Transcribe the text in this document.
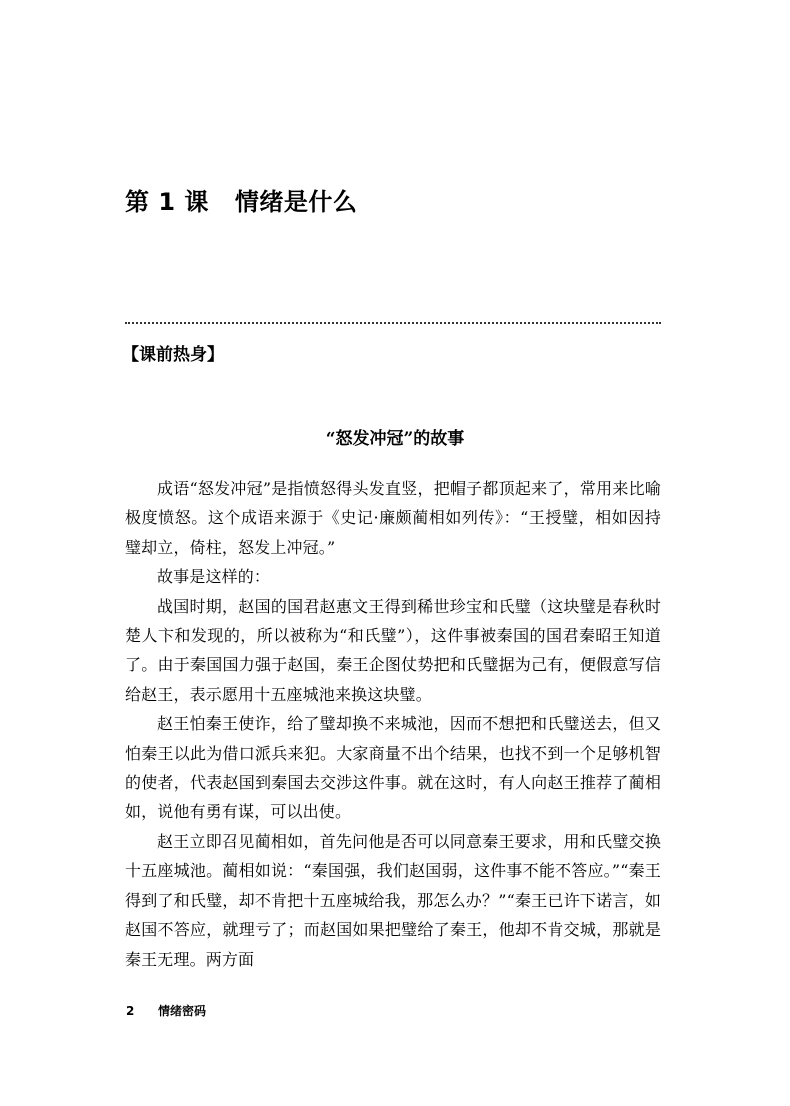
第 1 课 情绪是什么
【课前热身】
“怒发冲冠”的故事

成语“怒发冲冠”是指愤怒得头发直竖，把帽子都顶起来了，常用来比喻极度愤怒。这个成语来源于《史记·廉颇蔺相如列传》：“王授璧，相如因持璧却立，倚柱，怒发上冲冠。”

故事是这样的：

战国时期，赵国的国君赵惠文王得到稀世珍宝和氏璧（这块璧是春秋时楚人卞和发现的，所以被称为“和氏璧”），这件事被秦国的国君秦昭王知道了。由于秦国国力强于赵国，秦王企图仗势把和氏璧据为己有，便假意写信给赵王，表示愿用十五座城池来换这块璧。

赵王怕秦王使诈，给了璧却换不来城池，因而不想把和氏璧送去，但又怕秦王以此为借口派兵来犯。大家商量不出个结果，也找不到一个足够机智的使者，代表赵国到秦国去交涉这件事。就在这时，有人向赵王推荐了蔺相如，说他有勇有谋，可以出使。

赵王立即召见蔺相如，首先问他是否可以同意秦王要求，用和氏璧交换十五座城池。蔺相如说：“秦国强，我们赵国弱，这件事不能不答应。”“秦王得到了和氏璧，却不肯把十五座城给我，那怎么办？”“秦王已许下诺言，如赵国不答应，就理亏了；而赵国如果把璧给了秦王，他却不肯交城，那就是秦王无理。两方面

2 情绪密码
